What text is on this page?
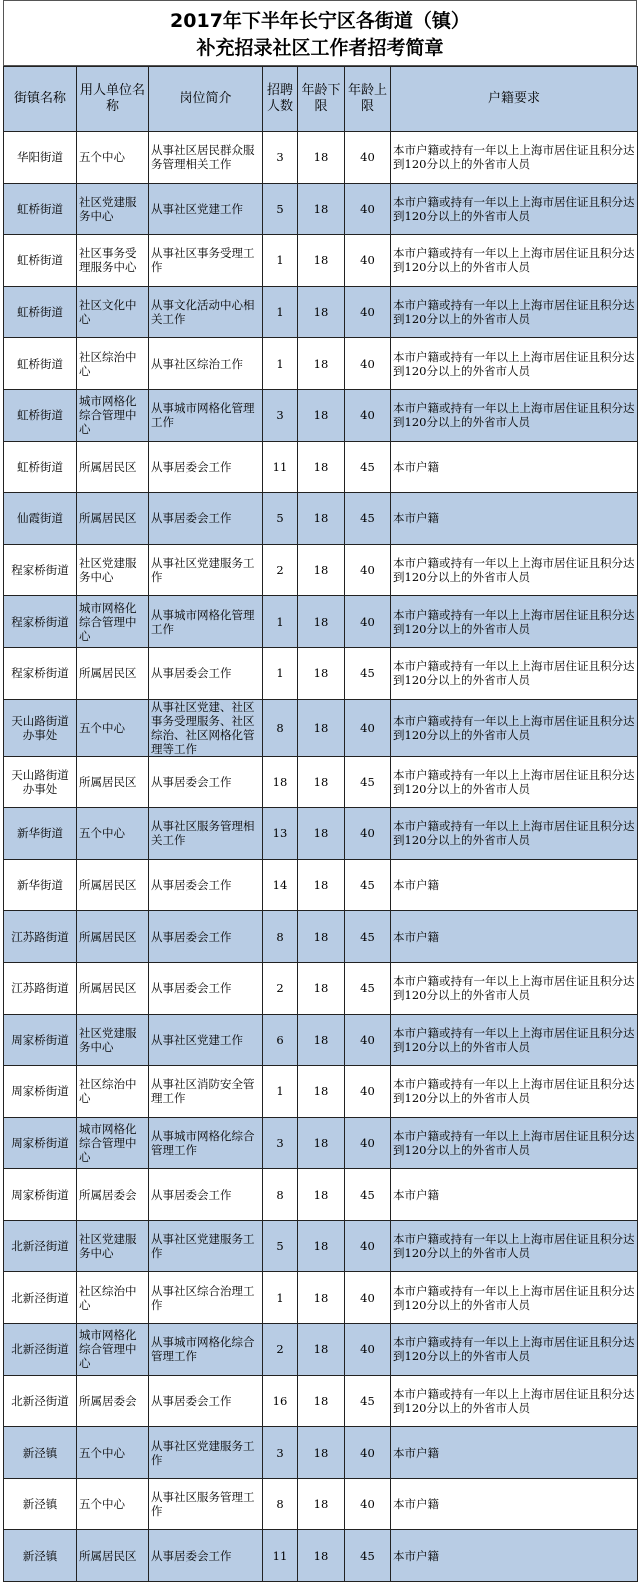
2017年下半年长宁区各街道（镇）
补充招录社区工作者招考简章
街镇名称	用人单位名称	岗位简介	招聘人数	年龄下限	年龄上限	户籍要求
华阳街道	五个中心	从事社区居民群众服务管理相关工作	3	18	40	本市户籍或持有一年以上上海市居住证且积分达到120分以上的外省市人员
虹桥街道	社区党建服务中心	从事社区党建工作	5	18	40	本市户籍或持有一年以上上海市居住证且积分达到120分以上的外省市人员
虹桥街道	社区事务受理服务中心	从事社区事务受理工作	1	18	40	本市户籍或持有一年以上上海市居住证且积分达到120分以上的外省市人员
虹桥街道	社区文化中心	从事文化活动中心相关工作	1	18	40	本市户籍或持有一年以上上海市居住证且积分达到120分以上的外省市人员
虹桥街道	社区综治中心	从事社区综治工作	1	18	40	本市户籍或持有一年以上上海市居住证且积分达到120分以上的外省市人员
虹桥街道	城市网格化综合管理中心	从事城市网格化管理工作	3	18	40	本市户籍或持有一年以上上海市居住证且积分达到120分以上的外省市人员
虹桥街道	所属居民区	从事居委会工作	11	18	45	本市户籍
仙霞街道	所属居民区	从事居委会工作	5	18	45	本市户籍
程家桥街道	社区党建服务中心	从事社区党建服务工作	2	18	40	本市户籍或持有一年以上上海市居住证且积分达到120分以上的外省市人员
程家桥街道	城市网格化综合管理中心	从事城市网格化管理工作	1	18	40	本市户籍或持有一年以上上海市居住证且积分达到120分以上的外省市人员
程家桥街道	所属居民区	从事居委会工作	1	18	45	本市户籍或持有一年以上上海市居住证且积分达到120分以上的外省市人员
天山路街道办事处	五个中心	从事社区党建、社区事务受理服务、社区综治、社区网格化管理等工作	8	18	40	本市户籍或持有一年以上上海市居住证且积分达到120分以上的外省市人员
天山路街道办事处	所属居民区	从事居委会工作	18	18	45	本市户籍或持有一年以上上海市居住证且积分达到120分以上的外省市人员
新华街道	五个中心	从事社区服务管理相关工作	13	18	40	本市户籍或持有一年以上上海市居住证且积分达到120分以上的外省市人员
新华街道	所属居民区	从事居委会工作	14	18	45	本市户籍
江苏路街道	所属居民区	从事居委会工作	8	18	45	本市户籍
江苏路街道	所属居民区	从事居委会工作	2	18	45	本市户籍或持有一年以上上海市居住证且积分达到120分以上的外省市人员
周家桥街道	社区党建服务中心	从事社区党建工作	6	18	40	本市户籍或持有一年以上上海市居住证且积分达到120分以上的外省市人员
周家桥街道	社区综治中心	从事社区消防安全管理工作	1	18	40	本市户籍或持有一年以上上海市居住证且积分达到120分以上的外省市人员
周家桥街道	城市网格化综合管理中心	从事城市网格化综合管理工作	3	18	40	本市户籍或持有一年以上上海市居住证且积分达到120分以上的外省市人员
周家桥街道	所属居委会	从事居委会工作	8	18	45	本市户籍
北新泾街道	社区党建服务中心	从事社区党建服务工作	5	18	40	本市户籍或持有一年以上上海市居住证且积分达到120分以上的外省市人员
北新泾街道	社区综治中心	从事社区综合治理工作	1	18	40	本市户籍或持有一年以上上海市居住证且积分达到120分以上的外省市人员
北新泾街道	城市网格化综合管理中心	从事城市网格化综合管理工作	2	18	40	本市户籍或持有一年以上上海市居住证且积分达到120分以上的外省市人员
北新泾街道	所属居委会	从事居委会工作	16	18	45	本市户籍或持有一年以上上海市居住证且积分达到120分以上的外省市人员
新泾镇	五个中心	从事社区党建服务工作	3	18	40	本市户籍
新泾镇	五个中心	从事社区服务管理工作	8	18	40	本市户籍
新泾镇	所属居民区	从事居委会工作	11	18	45	本市户籍
